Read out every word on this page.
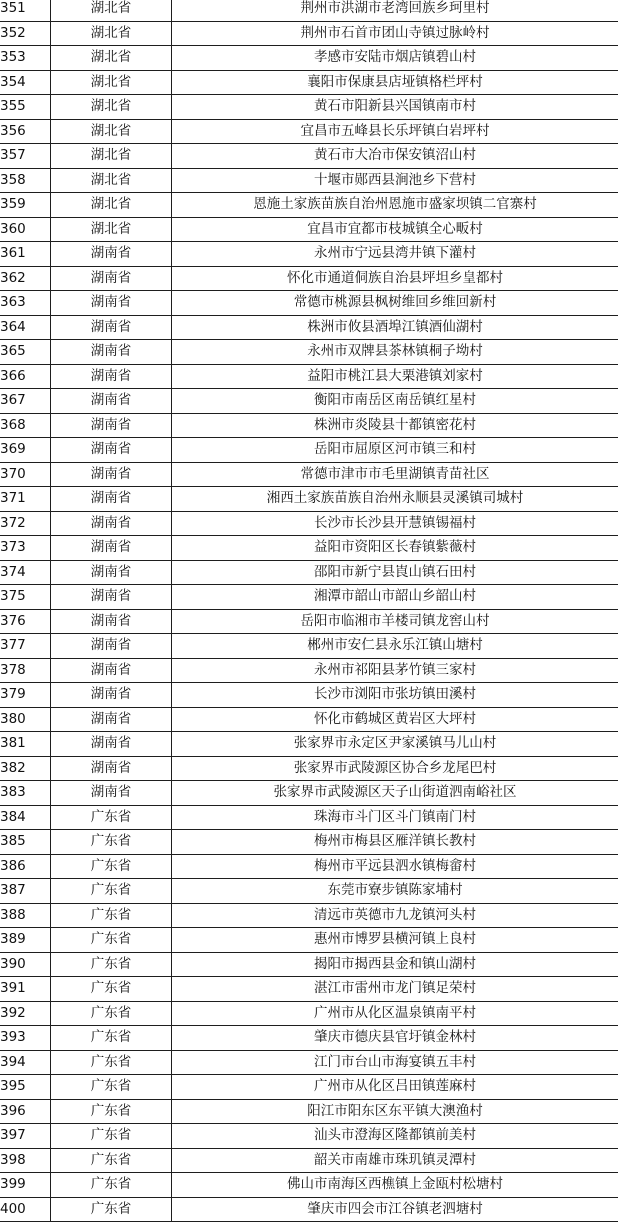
351	湖北省	荆州市洪湖市老湾回族乡珂里村
352	湖北省	荆州市石首市团山寺镇过脉岭村
353	湖北省	孝感市安陆市烟店镇碧山村
354	湖北省	襄阳市保康县店垭镇格栏坪村
355	湖北省	黄石市阳新县兴国镇南市村
356	湖北省	宜昌市五峰县长乐坪镇白岩坪村
357	湖北省	黄石市大冶市保安镇沼山村
358	湖北省	十堰市郧西县涧池乡下营村
359	湖北省	恩施土家族苗族自治州恩施市盛家坝镇二官寨村
360	湖北省	宜昌市宜都市枝城镇全心畈村
361	湖南省	永州市宁远县湾井镇下灌村
362	湖南省	怀化市通道侗族自治县坪坦乡皇都村
363	湖南省	常德市桃源县枫树维回乡维回新村
364	湖南省	株洲市攸县酒埠江镇酒仙湖村
365	湖南省	永州市双牌县茶林镇桐子坳村
366	湖南省	益阳市桃江县大栗港镇刘家村
367	湖南省	衡阳市南岳区南岳镇红星村
368	湖南省	株洲市炎陵县十都镇密花村
369	湖南省	岳阳市屈原区河市镇三和村
370	湖南省	常德市津市市毛里湖镇青苗社区
371	湖南省	湘西土家族苗族自治州永顺县灵溪镇司城村
372	湖南省	长沙市长沙县开慧镇锡福村
373	湖南省	益阳市资阳区长春镇紫薇村
374	湖南省	邵阳市新宁县崀山镇石田村
375	湖南省	湘潭市韶山市韶山乡韶山村
376	湖南省	岳阳市临湘市羊楼司镇龙窖山村
377	湖南省	郴州市安仁县永乐江镇山塘村
378	湖南省	永州市祁阳县茅竹镇三家村
379	湖南省	长沙市浏阳市张坊镇田溪村
380	湖南省	怀化市鹤城区黄岩区大坪村
381	湖南省	张家界市永定区尹家溪镇马儿山村
382	湖南省	张家界市武陵源区协合乡龙尾巴村
383	湖南省	张家界市武陵源区天子山街道泗南峪社区
384	广东省	珠海市斗门区斗门镇南门村
385	广东省	梅州市梅县区雁洋镇长教村
386	广东省	梅州市平远县泗水镇梅畲村
387	广东省	东莞市寮步镇陈家埔村
388	广东省	清远市英德市九龙镇河头村
389	广东省	惠州市博罗县横河镇上良村
390	广东省	揭阳市揭西县金和镇山湖村
391	广东省	湛江市雷州市龙门镇足荣村
392	广东省	广州市从化区温泉镇南平村
393	广东省	肇庆市德庆县官圩镇金林村
394	广东省	江门市台山市海宴镇五丰村
395	广东省	广州市从化区吕田镇莲麻村
396	广东省	阳江市阳东区东平镇大澳渔村
397	广东省	汕头市澄海区隆都镇前美村
398	广东省	韶关市南雄市珠玑镇灵潭村
399	广东省	佛山市南海区西樵镇上金瓯村松塘村
400	广东省	肇庆市四会市江谷镇老泗塘村
